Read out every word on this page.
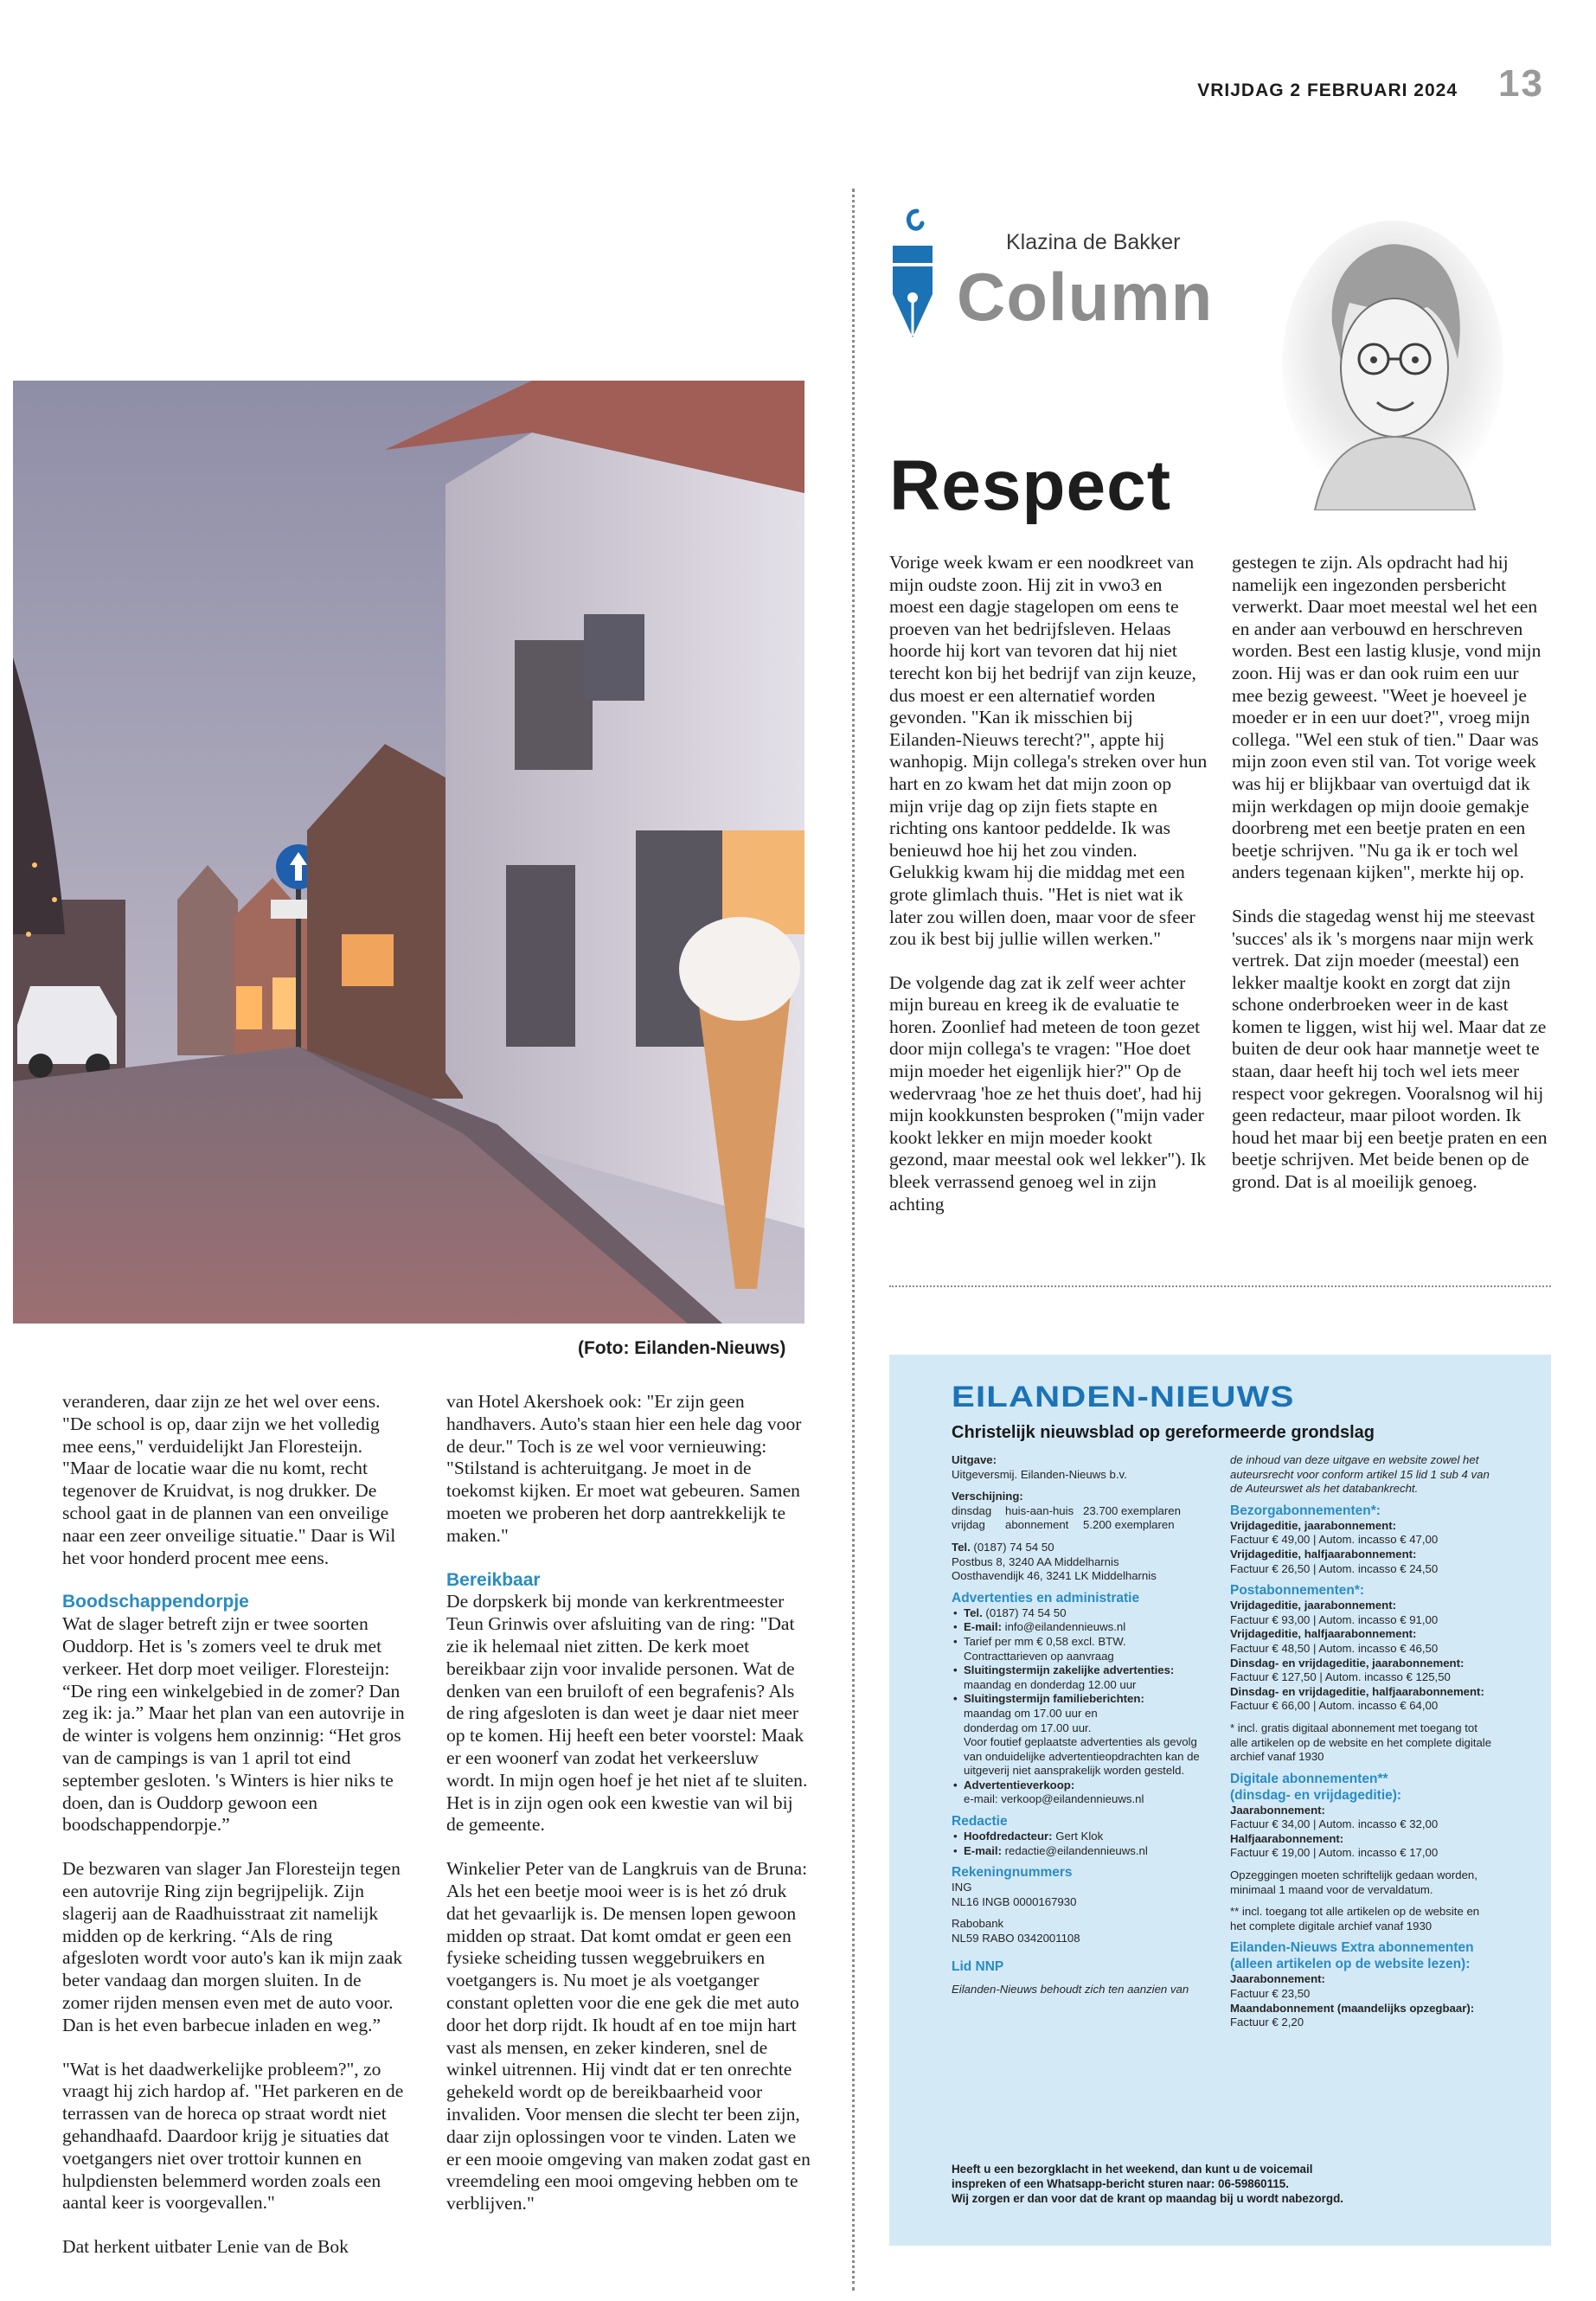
VRIJDAG 2 FEBRUARI 2024 13
Klazina de Bakker
Column
Respect

Vorige week kwam er een noodkreet van mijn oudste zoon. Hij zit in vwo3 en moest een dagje stagelopen om eens te proeven van het bedrijfsleven. Helaas hoorde hij kort van tevoren dat hij niet terecht kon bij het bedrijf van zijn keuze, dus moest er een alternatief worden gevonden. "Kan ik misschien bij Eilanden-Nieuws terecht?", appte hij wanhopig. Mijn collega's streken over hun hart en zo kwam het dat mijn zoon op mijn vrije dag op zijn fiets stapte en richting ons kantoor peddelde. Ik was benieuwd hoe hij het zou vinden. Gelukkig kwam hij die middag met een grote glimlach thuis. "Het is niet wat ik later zou willen doen, maar voor de sfeer zou ik best bij jullie willen werken."

De volgende dag zat ik zelf weer achter mijn bureau en kreeg ik de evaluatie te horen. Zoonlief had meteen de toon gezet door mijn collega's te vragen: "Hoe doet mijn moeder het eigenlijk hier?" Op de wedervraag 'hoe ze het thuis doet', had hij mijn kookkunsten besproken ("mijn vader kookt lekker en mijn moeder kookt gezond, maar meestal ook wel lekker"). Ik bleek verrassend genoeg wel in zijn achting

gestegen te zijn. Als opdracht had hij namelijk een ingezonden persbericht verwerkt. Daar moet meestal wel het een en ander aan verbouwd en herschreven worden. Best een lastig klusje, vond mijn zoon. Hij was er dan ook ruim een uur mee bezig geweest. "Weet je hoeveel je moeder er in een uur doet?", vroeg mijn collega. "Wel een stuk of tien." Daar was mijn zoon even stil van. Tot vorige week was hij er blijkbaar van overtuigd dat ik mijn werkdagen op mijn dooie gemakje doorbreng met een beetje praten en een beetje schrijven. "Nu ga ik er toch wel anders tegenaan kijken", merkte hij op.

Sinds die stagedag wenst hij me steevast 'succes' als ik 's morgens naar mijn werk vertrek. Dat zijn moeder (meestal) een lekker maaltje kookt en zorgt dat zijn schone onderbroeken weer in de kast komen te liggen, wist hij wel. Maar dat ze buiten de deur ook haar mannetje weet te staan, daar heeft hij toch wel iets meer respect voor gekregen. Vooralsnog wil hij geen redacteur, maar piloot worden. Ik houd het maar bij een beetje praten en een beetje schrijven. Met beide benen op de grond. Dat is al moeilijk genoeg.

(Foto: Eilanden-Nieuws)

veranderen, daar zijn ze het wel over eens. "De school is op, daar zijn we het volledig mee eens," verduidelijkt Jan Floresteijn. "Maar de locatie waar die nu komt, recht tegenover de Kruidvat, is nog drukker. De school gaat in de plannen van een onveilige naar een zeer onveilige situatie." Daar is Wil het voor honderd procent mee eens.

Boodschappendorpje

Wat de slager betreft zijn er twee soorten Ouddorp. Het is 's zomers veel te druk met verkeer. Het dorp moet veiliger. Floresteijn: “De ring een winkelgebied in de zomer? Dan zeg ik: ja.” Maar het plan van een autovrije in de winter is volgens hem onzinnig: “Het gros van de campings is van 1 april tot eind september gesloten. 's Winters is hier niks te doen, dan is Ouddorp gewoon een boodschappendorpje.”

De bezwaren van slager Jan Floresteijn tegen een autovrije Ring zijn begrijpelijk. Zijn slagerij aan de Raadhuisstraat zit namelijk midden op de kerkring. “Als de ring afgesloten wordt voor auto's kan ik mijn zaak beter vandaag dan morgen sluiten. In de zomer rijden mensen even met de auto voor. Dan is het even barbecue inladen en weg.”

"Wat is het daadwerkelijke probleem?", zo vraagt hij zich hardop af. "Het parkeren en de terrassen van de horeca op straat wordt niet gehandhaafd. Daardoor krijg je situaties dat voetgangers niet over trottoir kunnen en hulpdiensten belemmerd worden zoals een aantal keer is voorgevallen."

Dat herkent uitbater Lenie van de Bok

van Hotel Akershoek ook: "Er zijn geen handhavers. Auto's staan hier een hele dag voor de deur." Toch is ze wel voor vernieuwing: "Stilstand is achteruitgang. Je moet in de toekomst kijken. Er moet wat gebeuren. Samen moeten we proberen het dorp aantrekkelijk te maken."

Bereikbaar

De dorpskerk bij monde van kerkrentmeester Teun Grinwis over afsluiting van de ring: "Dat zie ik helemaal niet zitten. De kerk moet bereikbaar zijn voor invalide personen. Wat de denken van een bruiloft of een begrafenis? Als de ring afgesloten is dan weet je daar niet meer op te komen. Hij heeft een beter voorstel: Maak er een woonerf van zodat het verkeersluw wordt. In mijn ogen hoef je het niet af te sluiten. Het is in zijn ogen ook een kwestie van wil bij de gemeente.

Winkelier Peter van de Langkruis van de Bruna: Als het een beetje mooi weer is is het zó druk dat het gevaarlijk is. De mensen lopen gewoon midden op straat. Dat komt omdat er geen een fysieke scheiding tussen weggebruikers en voetgangers is. Nu moet je als voetganger constant opletten voor die ene gek die met auto door het dorp rijdt. Ik houdt af en toe mijn hart vast als mensen, en zeker kinderen, snel de winkel uitrennen. Hij vindt dat er ten onrechte gehekeld wordt op de bereikbaarheid voor invaliden. Voor mensen die slecht ter been zijn, daar zijn oplossingen voor te vinden. Laten we er een mooie omgeving van maken zodat gast en vreemdeling een mooi omgeving hebben om te verblijven."

EILANDEN-NIEUWS
Christelijk nieuwsblad op gereformeerde grondslag
Uitgave:
Uitgeversmij. Eilanden-Nieuws b.v.
Verschijning:
dinsdag huis-aan-huis 23.700 exemplaren
vrijdag abonnement 5.200 exemplaren
Tel. (0187) 74 54 50
Postbus 8, 3240 AA Middelharnis
Oosthavendijk 46, 3241 LK Middelharnis
Advertenties en administratie
• Tel. (0187) 74 54 50
• E-mail: info@eilandennieuws.nl
• Tarief per mm € 0,58 excl. BTW.
Contracttarieven op aanvraag
• Sluitingstermijn zakelijke advertenties:
maandag en donderdag 12.00 uur
• Sluitingstermijn familieberichten:
maandag om 17.00 uur en
donderdag om 17.00 uur.
Voor foutief geplaatste advertenties als gevolg
van onduidelijke advertentieopdrachten kan de
uitgeverij niet aansprakelijk worden gesteld.
• Advertentieverkoop:
e-mail: verkoop@eilandennieuws.nl
Redactie
• Hoofdredacteur: Gert Klok
• E-mail: redactie@eilandennieuws.nl
Rekeningnummers
ING
NL16 INGB 0000167930
Rabobank
NL59 RABO 0342001108
Lid NNP
Eilanden-Nieuws behoudt zich ten aanzien van
de inhoud van deze uitgave en website zowel het
auteursrecht voor conform artikel 15 lid 1 sub 4 van
de Auteurswet als het databankrecht.
Bezorgabonnementen*:
Vrijdageditie, jaarabonnement:
Factuur € 49,00 | Autom. incasso € 47,00
Vrijdageditie, halfjaarabonnement:
Factuur € 26,50 | Autom. incasso € 24,50
Postabonnementen*:
Vrijdageditie, jaarabonnement:
Factuur € 93,00 | Autom. incasso € 91,00
Vrijdageditie, halfjaarabonnement:
Factuur € 48,50 | Autom. incasso € 46,50
Dinsdag- en vrijdageditie, jaarabonnement:
Factuur € 127,50 | Autom. incasso € 125,50
Dinsdag- en vrijdageditie, halfjaarabonnement:
Factuur € 66,00 | Autom. incasso € 64,00
* incl. gratis digitaal abonnement met toegang tot
alle artikelen op de website en het complete digitale
archief vanaf 1930
Digitale abonnementen**
(dinsdag- en vrijdageditie):
Jaarabonnement:
Factuur € 34,00 | Autom. incasso € 32,00
Halfjaarabonnement:
Factuur € 19,00 | Autom. incasso € 17,00
Opzeggingen moeten schriftelijk gedaan worden,
minimaal 1 maand voor de vervaldatum.
** incl. toegang tot alle artikelen op de website en
het complete digitale archief vanaf 1930
Eilanden-Nieuws Extra abonnementen
(alleen artikelen op de website lezen):
Jaarabonnement:
Factuur € 23,50
Maandabonnement (maandelijks opzegbaar):
Factuur € 2,20
Heeft u een bezorgklacht in het weekend, dan kunt u de voicemail
inspreken of een Whatsapp-bericht sturen naar: 06-59860115.
Wij zorgen er dan voor dat de krant op maandag bij u wordt nabezorgd.
